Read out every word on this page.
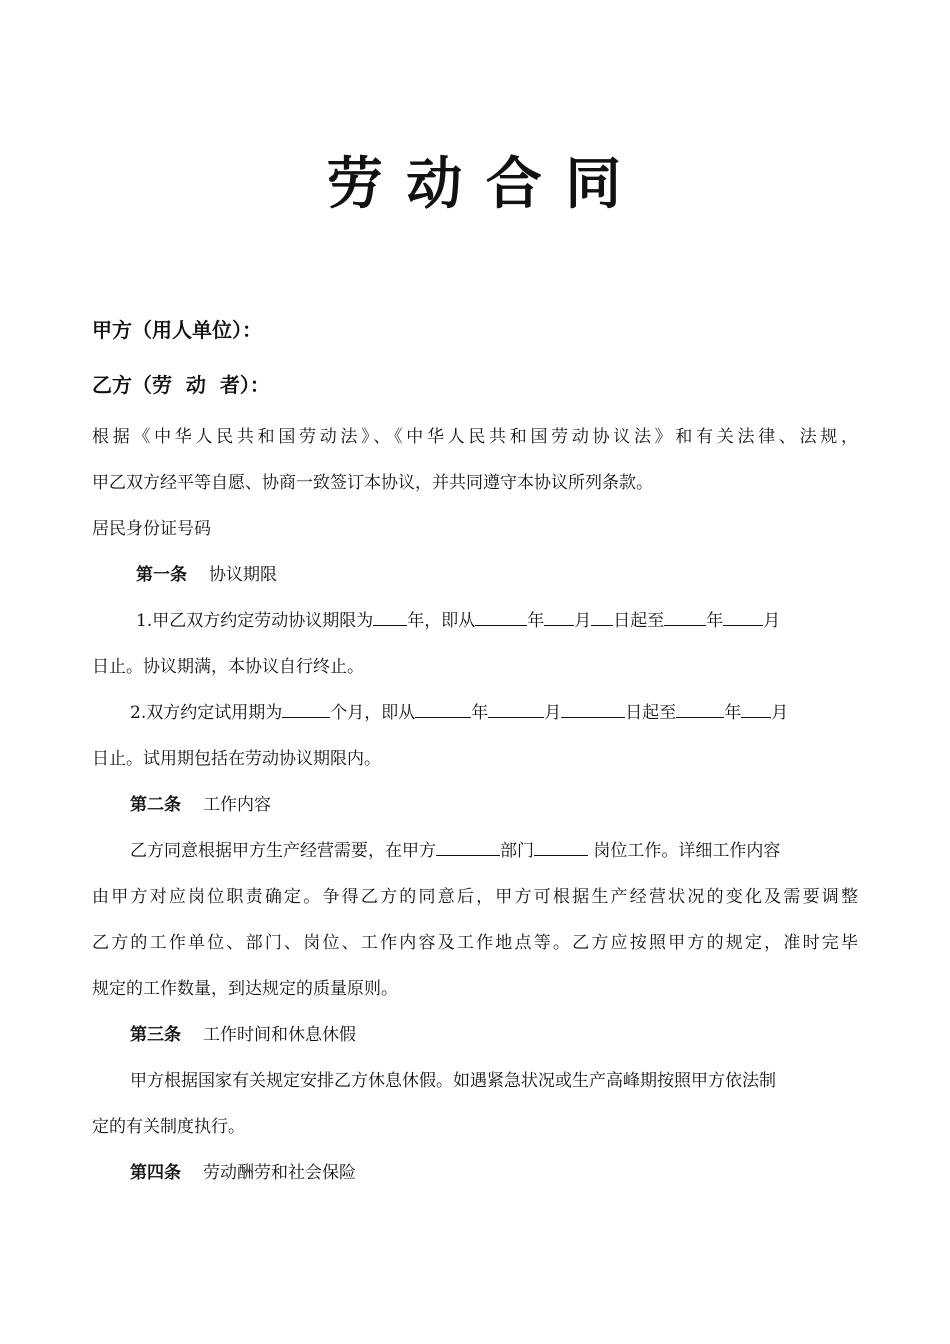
劳 动 合 同
甲方（用人单位）：
乙方（劳  动  者）：
根据《中华人民共和国劳动法》、《中华人民共和国劳动协议法》和有关法律、法规，
甲乙双方经平等自愿、协商一致签订本协议，并共同遵守本协议所列条款。
居民身份证号码
第一条 协议期限
1.甲乙双方约定劳动协议期限为 年，即从	年 月 日起至 年 月
日止。协议期满，本协议自行终止。
2.双方约定试用期为	个月，即从	年	月	日起至	年 月
日止。试用期包括在劳动协议期限内。
第二条 工作内容
乙方同意根据甲方生产经营需要，在甲方	部门	岗位工作。详细工作内容
由甲方对应岗位职责确定。争得乙方的同意后，甲方可根据生产经营状况的变化及需要调整
乙方的工作单位、部门、岗位、工作内容及工作地点等。乙方应按照甲方的规定，准时完毕
规定的工作数量，到达规定的质量原则。
第三条 工作时间和休息休假
甲方根据国家有关规定安排乙方休息休假。如遇紧急状况或生产高峰期按照甲方依法制
定的有关制度执行。
第四条 劳动酬劳和社会保险
